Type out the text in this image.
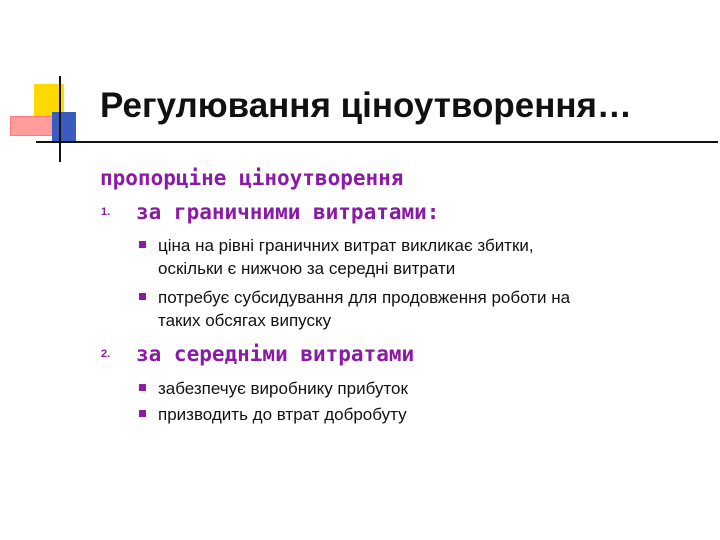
Регулювання ціноутворення…
пропорціне ціноутворення
1. за граничними витратами:
ціна на рівні граничних витрат викликає збитки,
оскільки є нижчою за середні витрати
потребує субсидування для продовження роботи на
таких обсягах випуску
2. за середніми витратами
забезпечує виробнику прибуток
призводить до втрат добробуту
